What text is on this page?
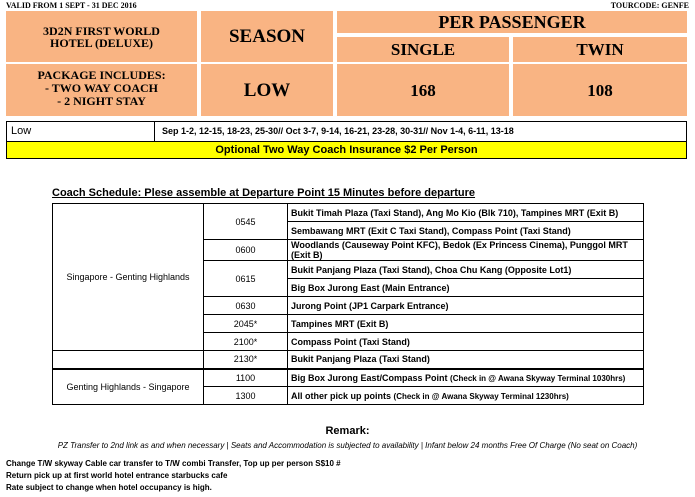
VALID FROM 1 SEPT - 31 DEC 2016	TOURCODE: GENFE
3D2N FIRST WORLD HOTEL (DELUXE)	SEASON
PER PASSENGER
SINGLE	TWIN
PACKAGE INCLUDES:
- TWO WAY COACH
- 2 NIGHT STAY
LOW	168	108
Low	Sep 1-2, 12-15, 18-23, 25-30// Oct 3-7, 9-14, 16-21, 23-28, 30-31// Nov 1-4, 6-11, 13-18
Optional Two Way Coach Insurance $2 Per Person
Coach Schedule: Plese assemble at Departure Point 15 Minutes before departure
Singapore - Genting Highlands	0545	Bukit Timah Plaza (Taxi Stand), Ang Mo Kio (Blk 710), Tampines MRT (Exit B)
		Sembawang MRT (Exit C Taxi Stand), Compass Point (Taxi Stand)
	0600	Woodlands (Causeway Point KFC), Bedok (Ex Princess Cinema), Punggol MRT (Exit B)
	0615	Bukit Panjang Plaza (Taxi Stand), Choa Chu Kang (Opposite Lot1)
		Big Box Jurong East (Main Entrance)
	0630	Jurong Point (JP1 Carpark Entrance)
	2045*	Tampines MRT (Exit B)
	2100*	Compass Point (Taxi Stand)
	2130*	Bukit Panjang Plaza (Taxi Stand)
Genting Highlands - Singapore	1100	Big Box Jurong East/Compass Point (Check in @ Awana Skyway Terminal 1030hrs)
	1300	All other pick up points (Check in @ Awana Skyway Terminal 1230hrs)
Remark:
PZ Transfer to 2nd link as and when necessary | Seats and Accommodation is subjected to availability | Infant below 24 months Free Of Charge (No seat on Coach)
Change T/W skyway Cable car transfer to T/W combi Transfer, Top up per person S$10 #
Return pick up at first world hotel entrance starbucks cafe
Rate subject to change when hotel occupancy is high.
